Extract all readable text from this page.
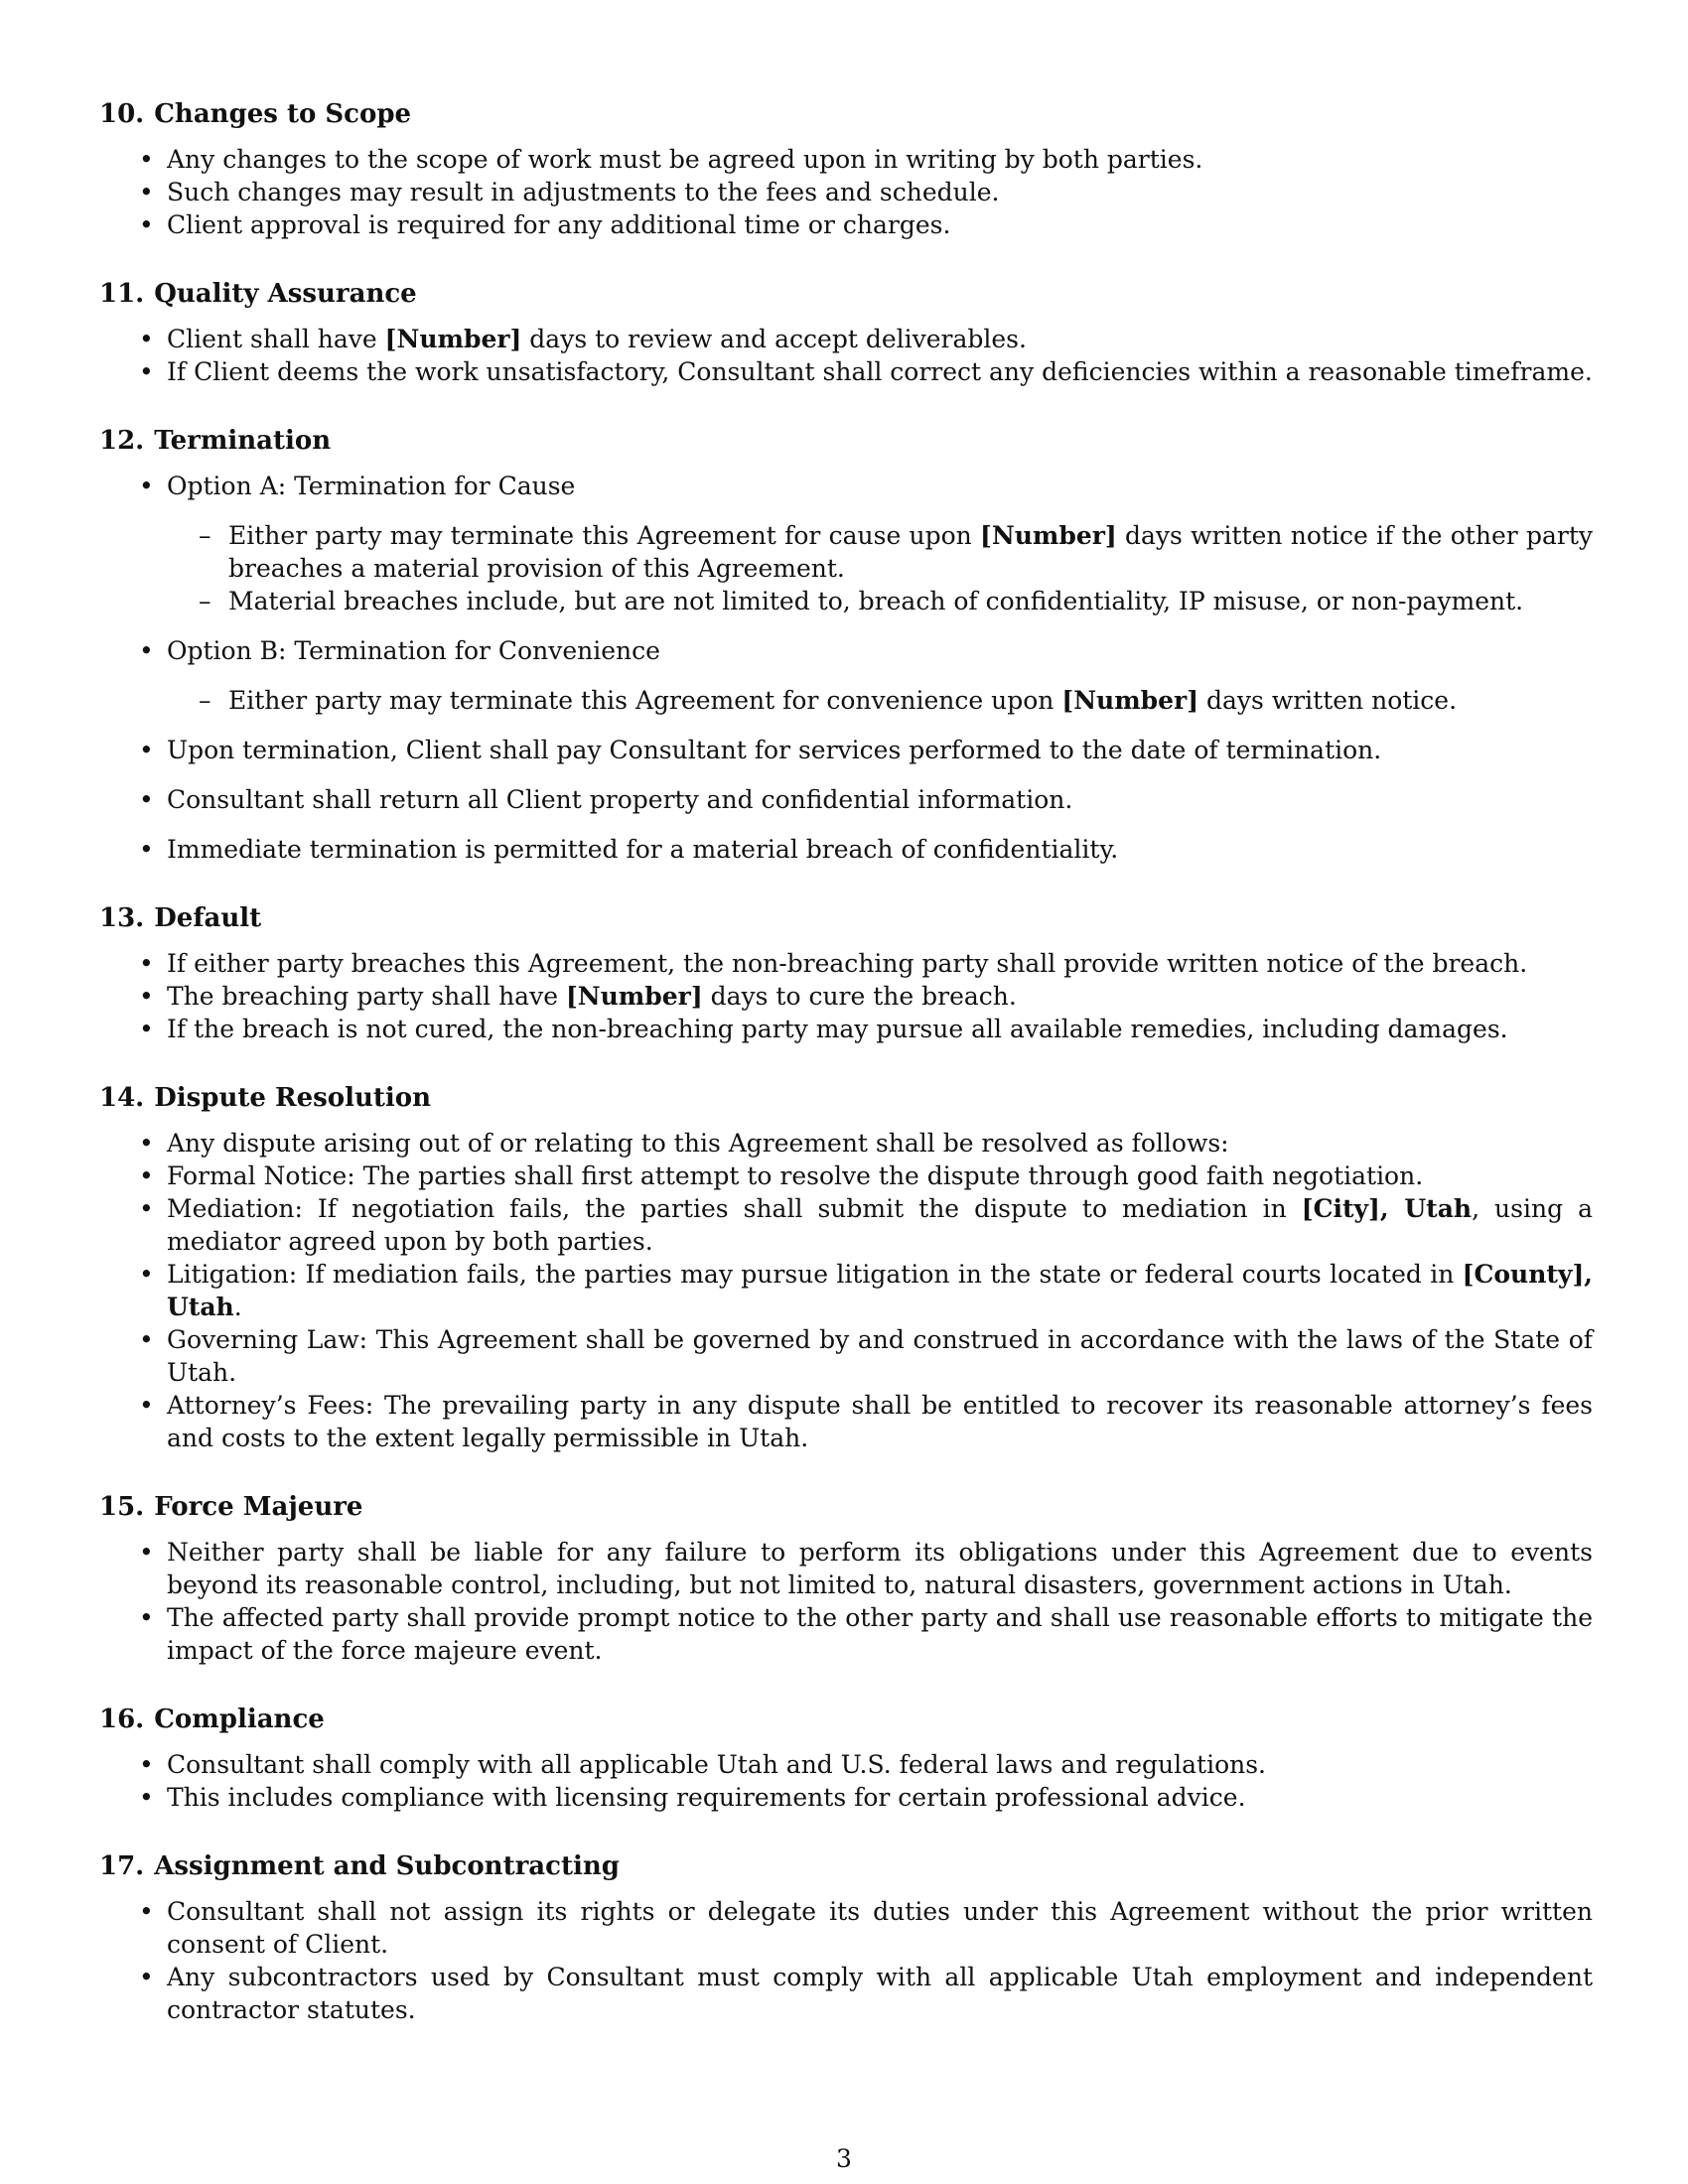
10. Changes to Scope
• Any changes to the scope of work must be agreed upon in writing by both parties.
• Such changes may result in adjustments to the fees and schedule.
• Client approval is required for any additional time or charges.
11. Quality Assurance
• Client shall have [Number] days to review and accept deliverables.
• If Client deems the work unsatisfactory, Consultant shall correct any deficiencies within a reasonable timeframe.
12. Termination
• Option A: Termination for Cause
– Either party may terminate this Agreement for cause upon [Number] days written notice if the other party breaches a material provision of this Agreement.
– Material breaches include, but are not limited to, breach of confidentiality, IP misuse, or non-payment.
• Option B: Termination for Convenience
– Either party may terminate this Agreement for convenience upon [Number] days written notice.
• Upon termination, Client shall pay Consultant for services performed to the date of termination.
• Consultant shall return all Client property and confidential information.
• Immediate termination is permitted for a material breach of confidentiality.
13. Default
• If either party breaches this Agreement, the non-breaching party shall provide written notice of the breach.
• The breaching party shall have [Number] days to cure the breach.
• If the breach is not cured, the non-breaching party may pursue all available remedies, including damages.
14. Dispute Resolution
• Any dispute arising out of or relating to this Agreement shall be resolved as follows:
• Formal Notice: The parties shall first attempt to resolve the dispute through good faith negotiation.
• Mediation: If negotiation fails, the parties shall submit the dispute to mediation in [City], Utah, using a mediator agreed upon by both parties.
• Litigation: If mediation fails, the parties may pursue litigation in the state or federal courts located in [County], Utah.
• Governing Law: This Agreement shall be governed by and construed in accordance with the laws of the State of Utah.
• Attorney’s Fees: The prevailing party in any dispute shall be entitled to recover its reasonable attorney’s fees and costs to the extent legally permissible in Utah.
15. Force Majeure
• Neither party shall be liable for any failure to perform its obligations under this Agreement due to events beyond its reasonable control, including, but not limited to, natural disasters, government actions in Utah.
• The affected party shall provide prompt notice to the other party and shall use reasonable efforts to mitigate the impact of the force majeure event.
16. Compliance
• Consultant shall comply with all applicable Utah and U.S. federal laws and regulations.
• This includes compliance with licensing requirements for certain professional advice.
17. Assignment and Subcontracting
• Consultant shall not assign its rights or delegate its duties under this Agreement without the prior written consent of Client.
• Any subcontractors used by Consultant must comply with all applicable Utah employment and independent contractor statutes.
3
